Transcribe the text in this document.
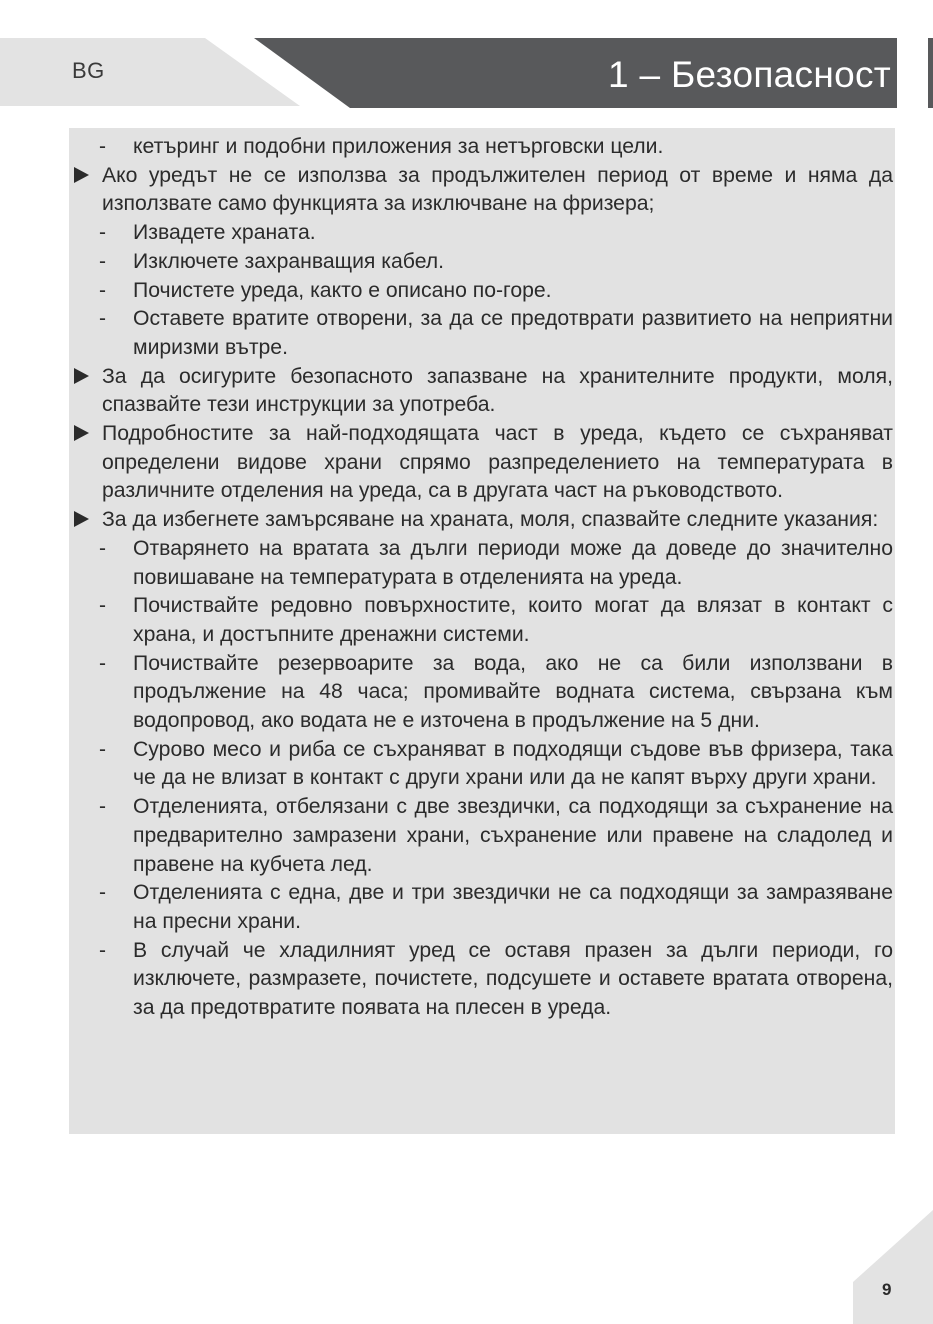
BG	1 – Безопасност
- кетъринг и подобни приложения за нетърговски цели.
Ако уредът не се използва за продължителен период от време и няма да използвате само функцията за изключване на фризера;
- Извадете храната.
- Изключете захранващия кабел.
- Почистете уреда, както е описано по-горе.
- Оставете вратите отворени, за да се предотврати развитието на неприятни миризми вътре.
За да осигурите безопасното запазване на хранителните продукти, моля, спазвайте тези инструкции за употреба.
Подробностите за най-подходящата част в уреда, където се съхраняват определени видове храни спрямо разпределението на температурата в различните отделения на уреда, са в другата част на ръководството.
За да избегнете замърсяване на храната, моля, спазвайте следните указания:
- Отварянето на вратата за дълги периоди може да доведе до значително повишаване на температурата в отделенията на уреда.
- Почиствайте редовно повърхностите, които могат да влязат в контакт с храна, и достъпните дренажни системи.
- Почиствайте резервоарите за вода, ако не са били използвани в продължение на 48 часа; промивайте водната система, свързана към водопровод, ако водата не е източена в продължение на 5 дни.
- Сурово месо и риба се съхраняват в подходящи съдове във фризера, така че да не влизат в контакт с други храни или да не капят върху други храни.
- Отделенията, отбелязани с две звездички, са подходящи за съхранение на предварително замразени храни, съхранение или правене на сладолед и правене на кубчета лед.
- Отделенията с една, две и три звездички не са подходящи за замразяване на пресни храни.
- В случай че хладилният уред се оставя празен за дълги периоди, го изключете, размразете, почистете, подсушете и оставете вратата отворена, за да предотвратите появата на плесен в уреда.
9
